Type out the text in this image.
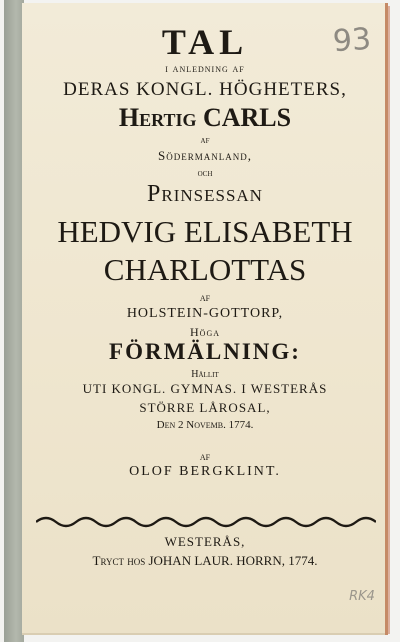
93
TAL
i anledning af
DERAS KONGL. HÖGHETERS,
Hertig CARLS
af
Södermanland,
och
Prinsessan
HEDVIG ELISABETH
CHARLOTTAS
af
HOLSTEIN-GOTTORP,
Höga
FÖRMÄLNING:
Hållit
UTI KONGL. GYMNAS. I WESTERÅS
STÖRRE LÅROSAL,
Den 2 Novemb. 1774.
af
OLOF BERGKLINT.
WESTERÅS,
Tryct hos JOHAN LAUR. HORRN, 1774.
RK4
